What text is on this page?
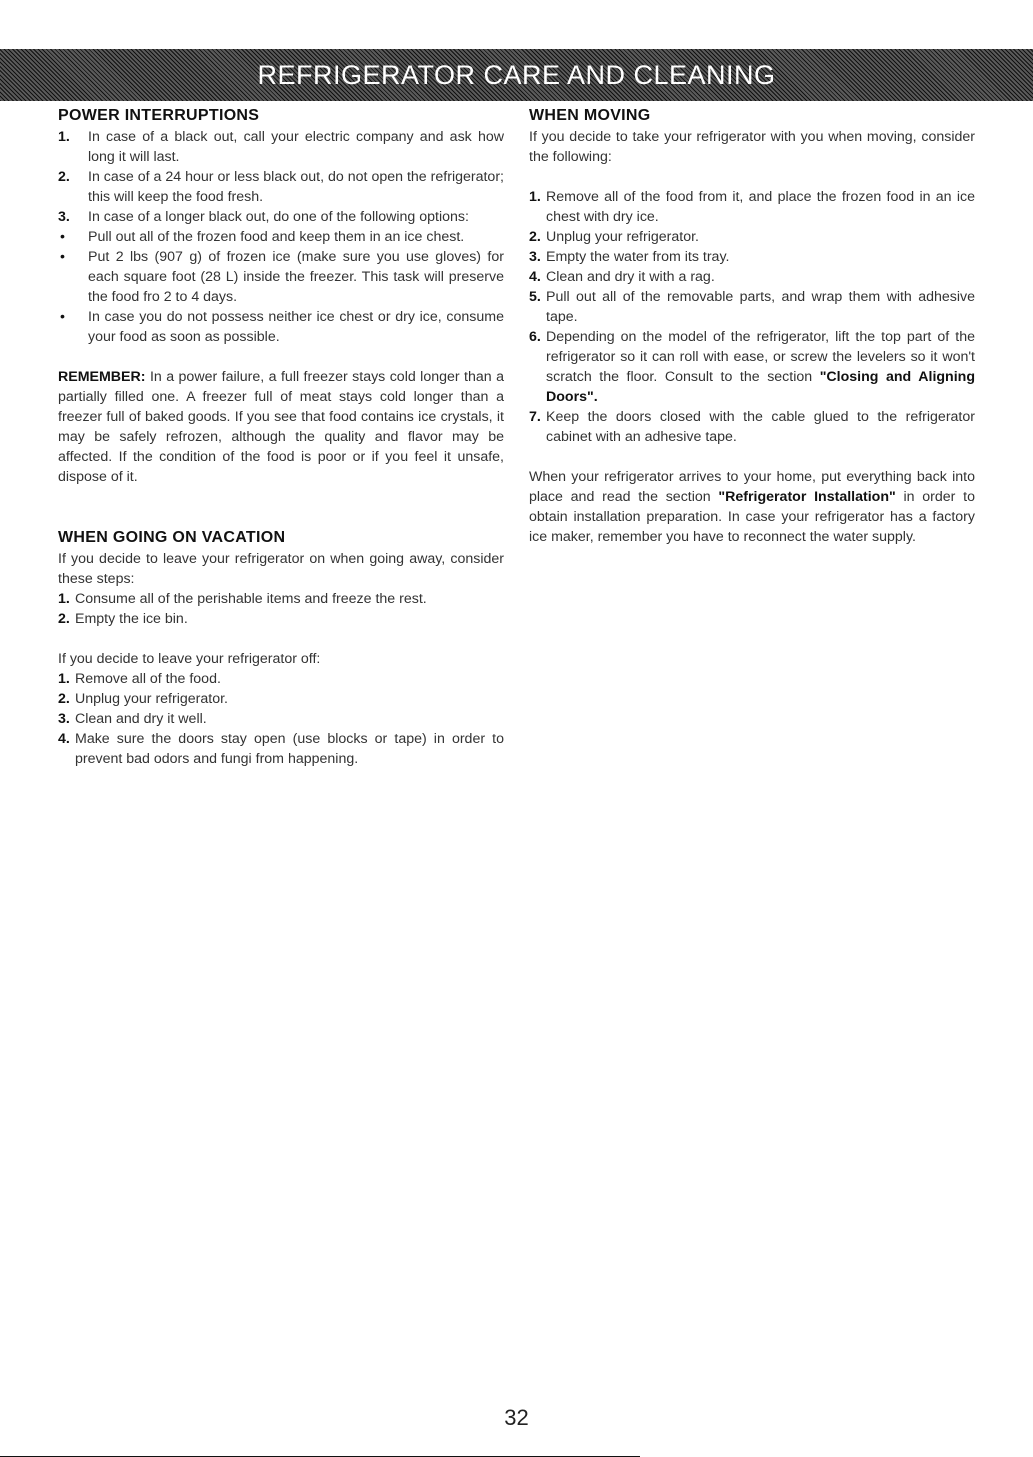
REFRIGERATOR CARE AND CLEANING
POWER INTERRUPTIONS
1. In case of a black out, call your electric company and ask how long it will last.
2. In case of a 24 hour or less black out, do not open the refrigerator; this will keep the food fresh.
3. In case of a longer black out, do one of the following options:
• Pull out all of the frozen food and keep them in an ice chest.
• Put 2 lbs (907 g) of frozen ice (make sure you use gloves) for each square foot (28 L) inside the freezer. This task will preserve the food fro 2 to 4 days.
• In case you do not possess neither ice chest or dry ice, consume your food as soon as possible.
REMEMBER: In a power failure, a full freezer stays cold longer than a partially filled one. A freezer full of meat stays cold longer than a freezer full of baked goods. If you see that food contains ice crystals, it may be safely refrozen, although the quality and flavor may be affected. If the condition of the food is poor or if you feel it unsafe, dispose of it.
WHEN GOING ON VACATION
If you decide to leave your refrigerator on when going away, consider these steps:
1. Consume all of the perishable items and freeze the rest.
2. Empty the ice bin.
If you decide to leave your refrigerator off:
1. Remove all of the food.
2. Unplug your refrigerator.
3. Clean and dry it well.
4. Make sure the doors stay open (use blocks or tape) in order to prevent bad odors and fungi from happening.
WHEN MOVING
If you decide to take your refrigerator with you when moving, consider the following:
1. Remove all of the food from it, and place the frozen food in an ice chest with dry ice.
2. Unplug your refrigerator.
3. Empty the water from its tray.
4. Clean and dry it with a rag.
5. Pull out all of the removable parts, and wrap them with adhesive tape.
6. Depending on the model of the refrigerator, lift the top part of the refrigerator so it can roll with ease, or screw the levelers so it won't scratch the floor. Consult to the section "Closing and Aligning Doors".
7. Keep the doors closed with the cable glued to the refrigerator cabinet with an adhesive tape.
When your refrigerator arrives to your home, put everything back into place and read the section "Refrigerator Installation" in order to obtain installation preparation. In case your refrigerator has a factory ice maker, remember you have to reconnect the water supply.
32
